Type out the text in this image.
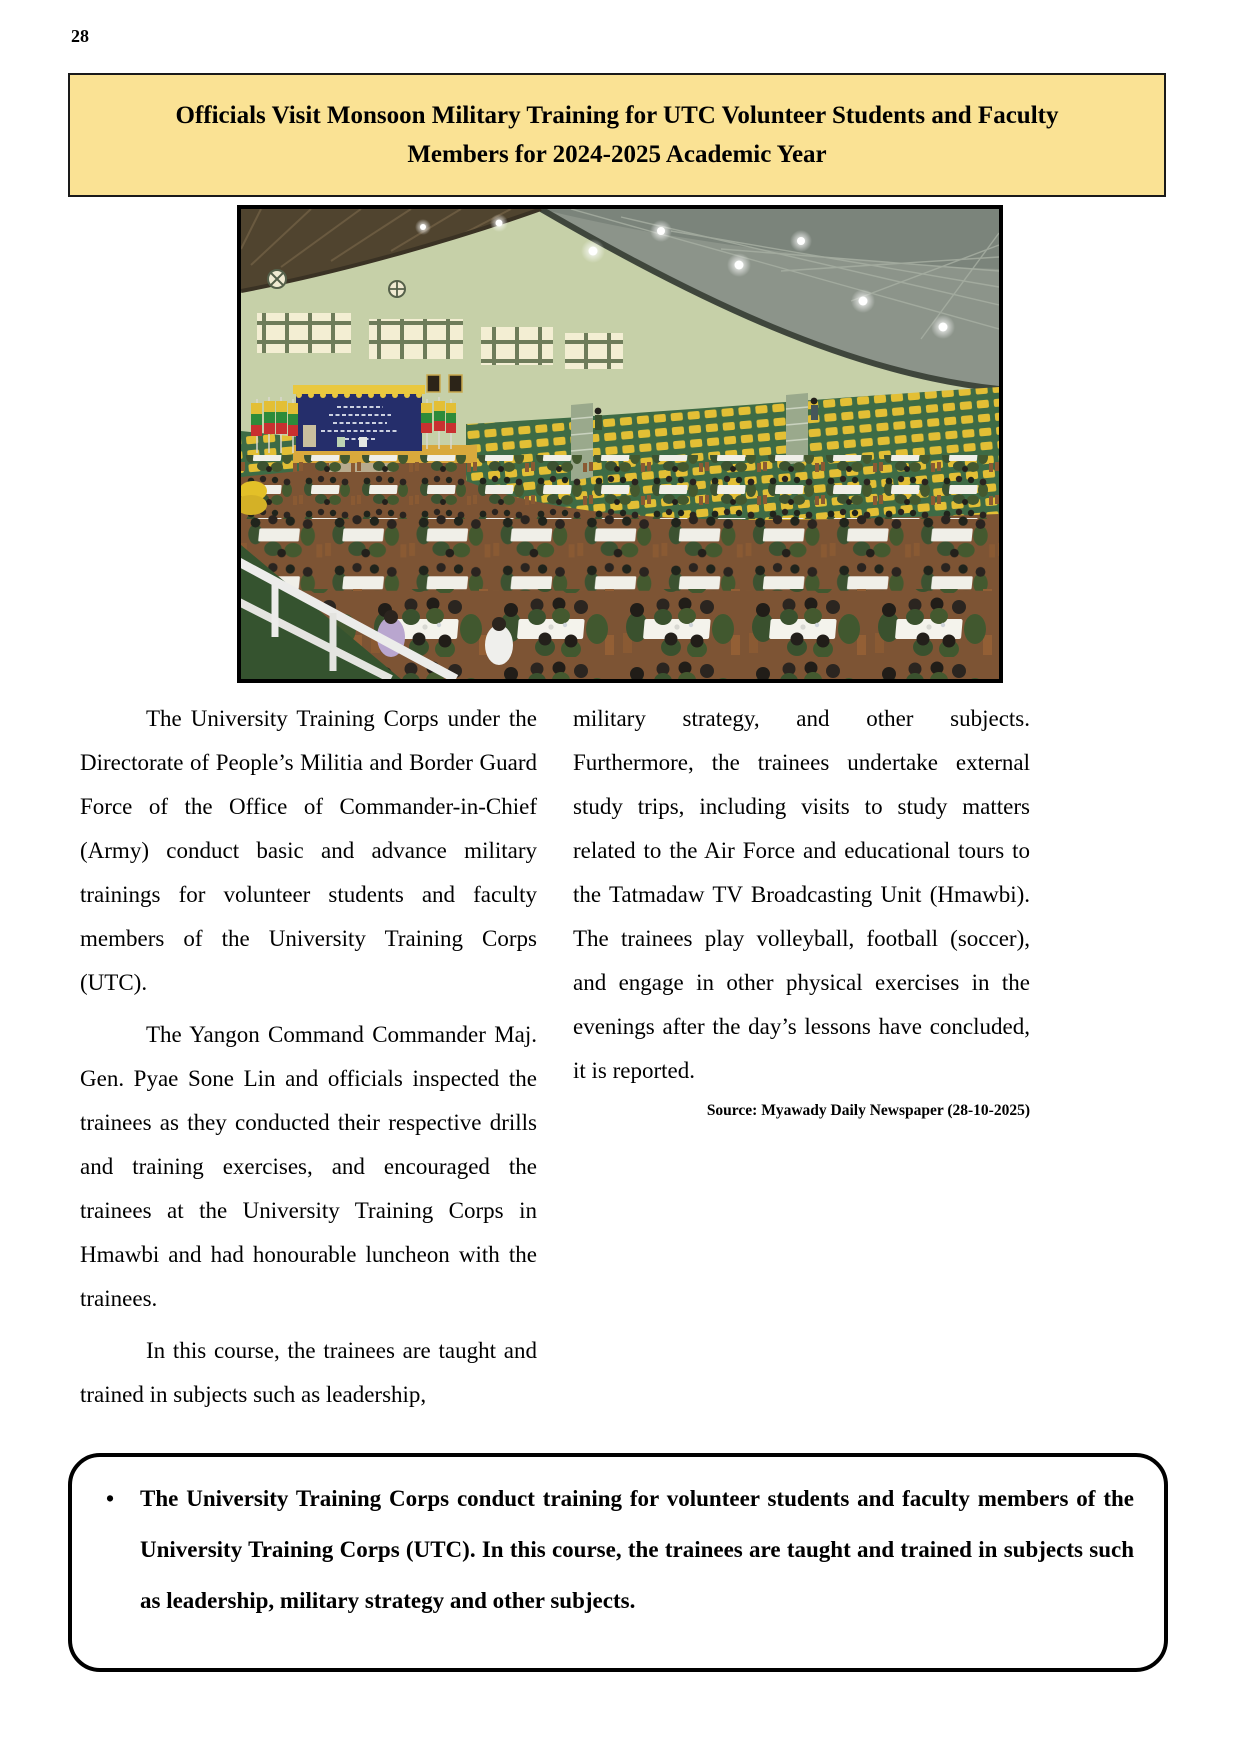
28
Officials Visit Monsoon Military Training for UTC Volunteer Students and Faculty Members for 2024-2025 Academic Year

The University Training Corps under the Directorate of People’s Militia and Border Guard Force of the Office of Commander-in-Chief (Army) conduct basic and advance military trainings for volunteer students and faculty members of the University Training Corps (UTC).

The Yangon Command Commander Maj. Gen. Pyae Sone Lin and officials inspected the trainees as they conducted their respective drills and training exercises, and encouraged the trainees at the University Training Corps in Hmawbi and had honourable luncheon with the trainees.

In this course, the trainees are taught and trained in subjects such as leadership,

military strategy, and other subjects. Furthermore, the trainees undertake external study trips, including visits to study matters related to the Air Force and educational tours to the Tatmadaw TV Broadcasting Unit (Hmawbi). The trainees play volleyball, football (soccer), and engage in other physical exercises in the evenings after the day’s lessons have concluded, it is reported.

Source: Myawady Daily Newspaper (28-10-2025)

•	The University Training Corps conduct training for volunteer students and faculty members of the University Training Corps (UTC). In this course, the trainees are taught and trained in subjects such as leadership, military strategy and other subjects.
